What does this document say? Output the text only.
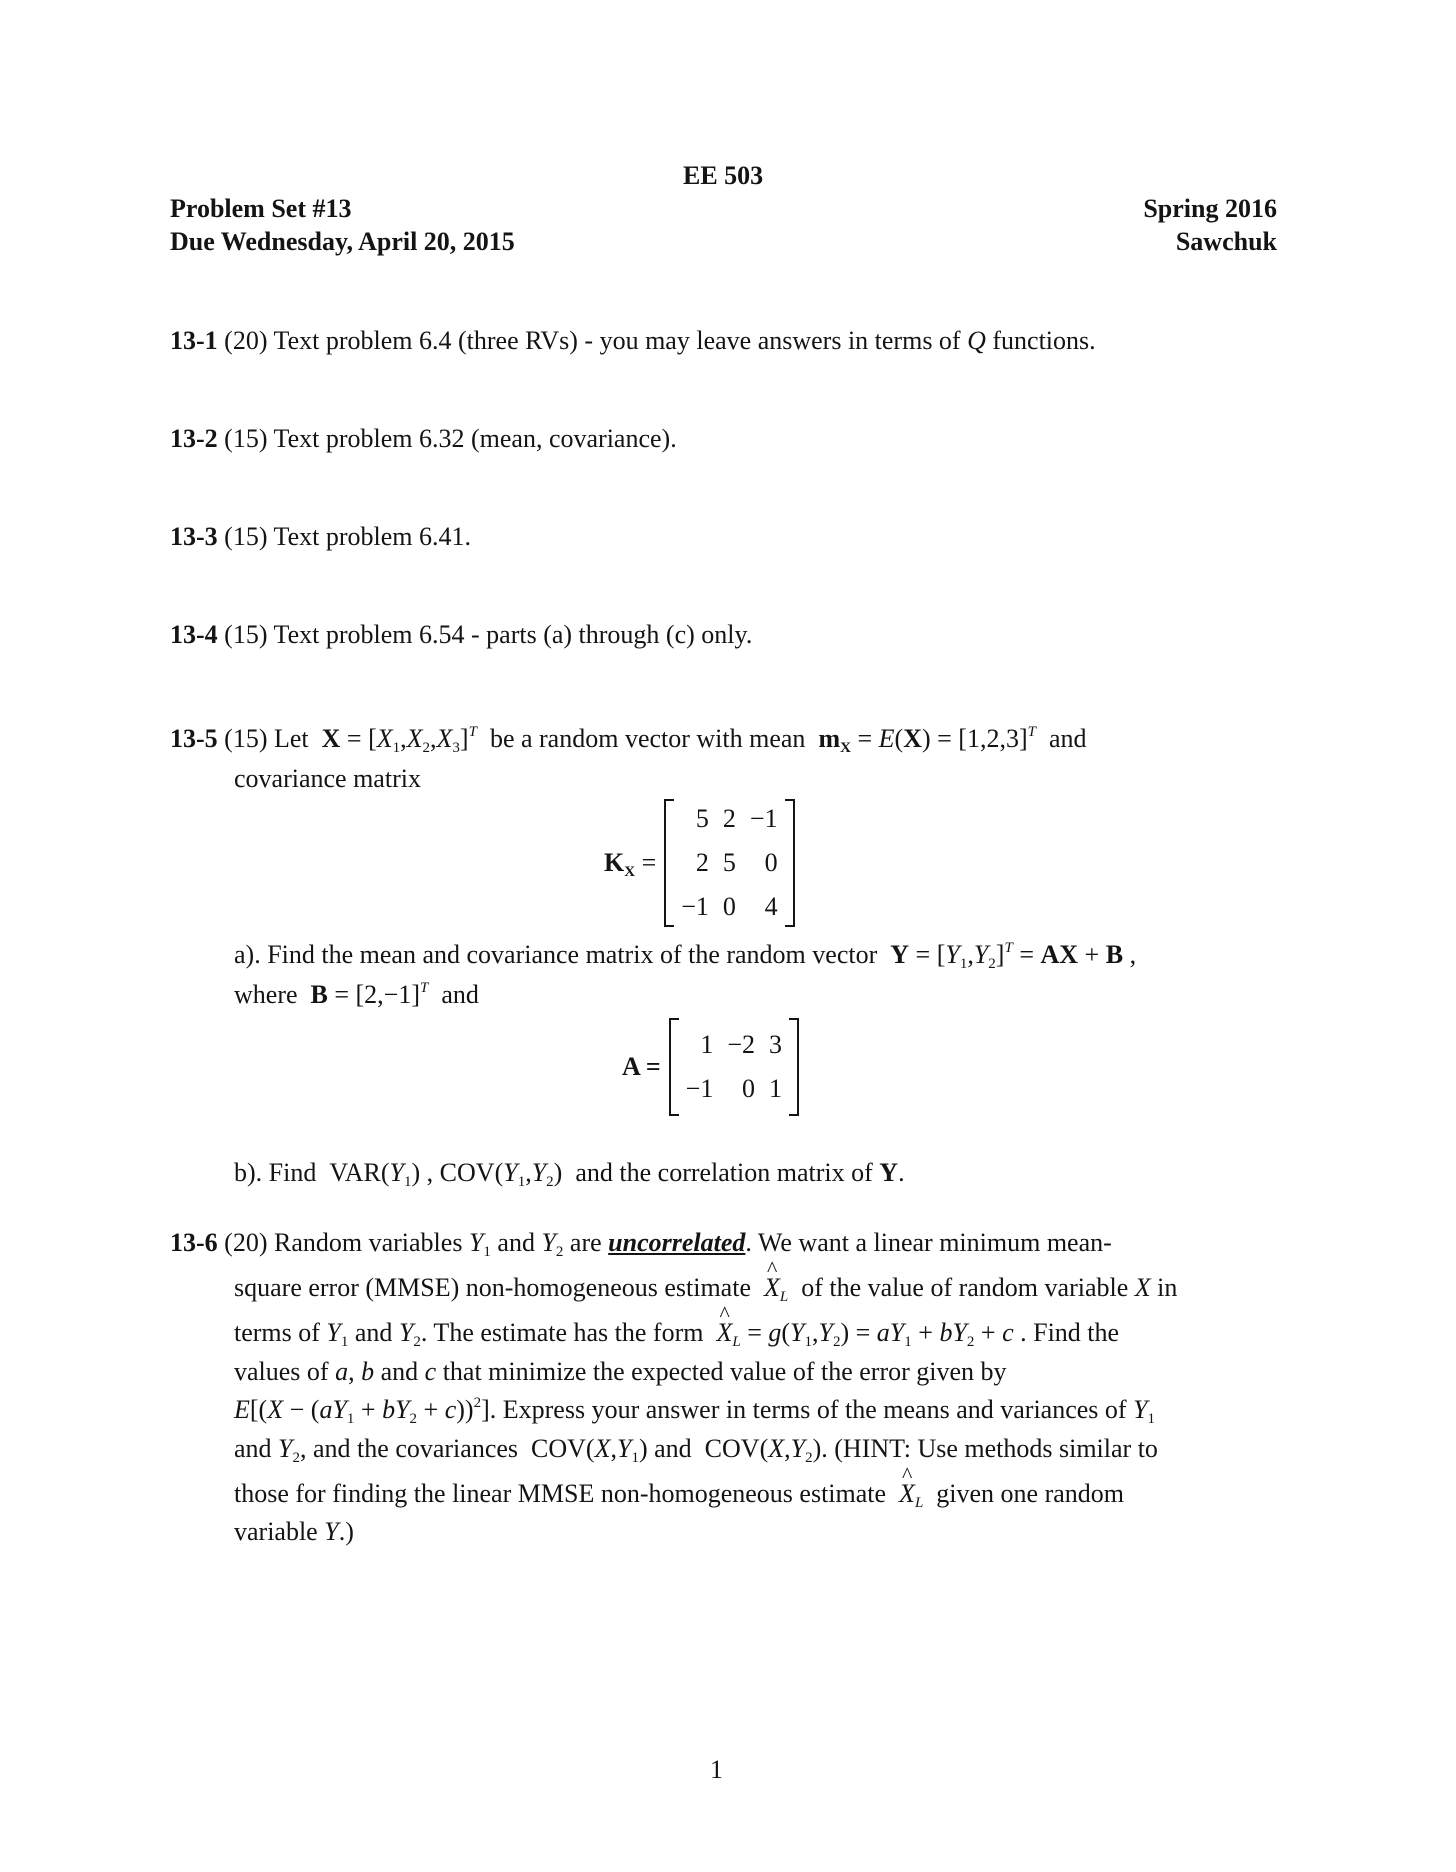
EE 503
Problem Set #13
Due Wednesday, April 20, 2015
Spring 2016
Sawchuk
13-1 (20) Text problem 6.4 (three RVs) - you may leave answers in terms of Q functions.
13-2 (15) Text problem 6.32 (mean, covariance).
13-3 (15) Text problem 6.41.
13-4 (15) Text problem 6.54 - parts (a) through (c) only.
13-5 (15) Let $X = [X_1,X_2,X_3]^T$ be a random vector with mean $m_X = E(X) = [1,2,3]^T$ and
covariance matrix
$K_X$ =
5	2	−1
2	5	0
−1	0	4
a). Find the mean and covariance matrix of the random vector $Y = [Y_1,Y_2]^T$ = AX + B ,
where $B = [2,-1]^T$ and
A =
1	−2	3
−1	0	1
b). Find  $VAR(Y_1)$ , $COV(Y_1,Y_2)$  and the correlation matrix of Y.
13-6 (20) Random variables $Y_1$ and $Y_2$ are uncorrelated. We want a linear minimum mean-
square error (MMSE) non-homogeneous estimate ^ $X_L$ of the value of random variable X in
terms of $Y_1$ and $Y_2$. The estimate has the form ^ $X_L = g(Y_1,Y_2) = aY_1 + bY_2 + c$ . Find the
values of a, b and c that minimize the expected value of the error given by
$E[(X - (aY_1 + bY_2 + c))^2]$. Express your answer in terms of the means and variances of $Y_1$
and $Y_2$, and the covariances  $COV(X,Y_1)$ and  $COV(X,Y_2)$. (HINT: Use methods similar to
those for finding the linear MMSE non-homogeneous estimate ^ $X_L$ given one random
variable Y.)
1
